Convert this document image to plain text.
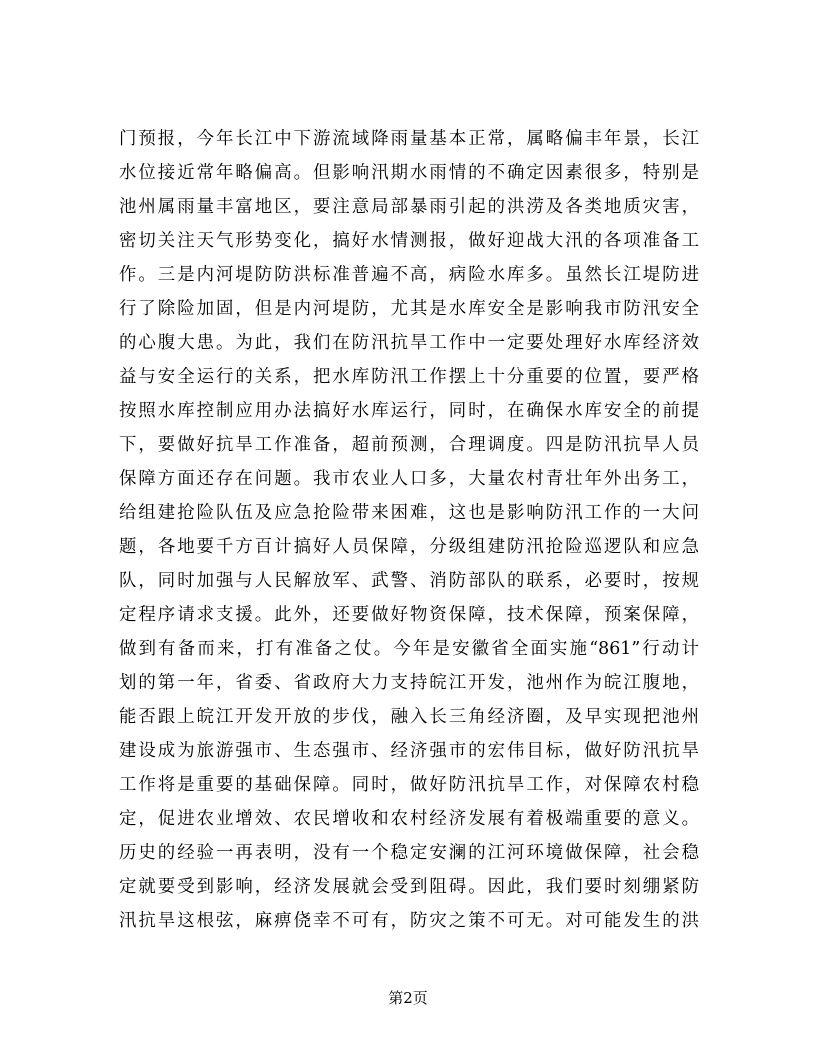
门预报，今年长江中下游流域降雨量基本正常，属略偏丰年景，长江
水位接近常年略偏高。但影响汛期水雨情的不确定因素很多，特别是
池州属雨量丰富地区，要注意局部暴雨引起的洪涝及各类地质灾害，
密切关注天气形势变化，搞好水情测报，做好迎战大汛的各项准备工
作。三是内河堤防防洪标准普遍不高，病险水库多。虽然长江堤防进
行了除险加固，但是内河堤防，尤其是水库安全是影响我市防汛安全
的心腹大患。为此，我们在防汛抗旱工作中一定要处理好水库经济效
益与安全运行的关系，把水库防汛工作摆上十分重要的位置，要严格
按照水库控制应用办法搞好水库运行，同时，在确保水库安全的前提
下，要做好抗旱工作准备，超前预测，合理调度。四是防汛抗旱人员
保障方面还存在问题。我市农业人口多，大量农村青壮年外出务工，
给组建抢险队伍及应急抢险带来困难，这也是影响防汛工作的一大问
题，各地要千方百计搞好人员保障，分级组建防汛抢险巡逻队和应急
队，同时加强与人民解放军、武警、消防部队的联系，必要时，按规
定程序请求支援。此外，还要做好物资保障，技术保障，预案保障，
做到有备而来，打有准备之仗。今年是安徽省全面实施“861”行动计
划的第一年，省委、省政府大力支持皖江开发，池州作为皖江腹地，
能否跟上皖江开发开放的步伐，融入长三角经济圈，及早实现把池州
建设成为旅游强市、生态强市、经济强市的宏伟目标，做好防汛抗旱
工作将是重要的基础保障。同时，做好防汛抗旱工作，对保障农村稳
定，促进农业增效、农民增收和农村经济发展有着极端重要的意义。
历史的经验一再表明，没有一个稳定安澜的江河环境做保障，社会稳
定就要受到影响，经济发展就会受到阻碍。因此，我们要时刻绷紧防
汛抗旱这根弦，麻痹侥幸不可有，防灾之策不可无。对可能发生的洪
第2页
